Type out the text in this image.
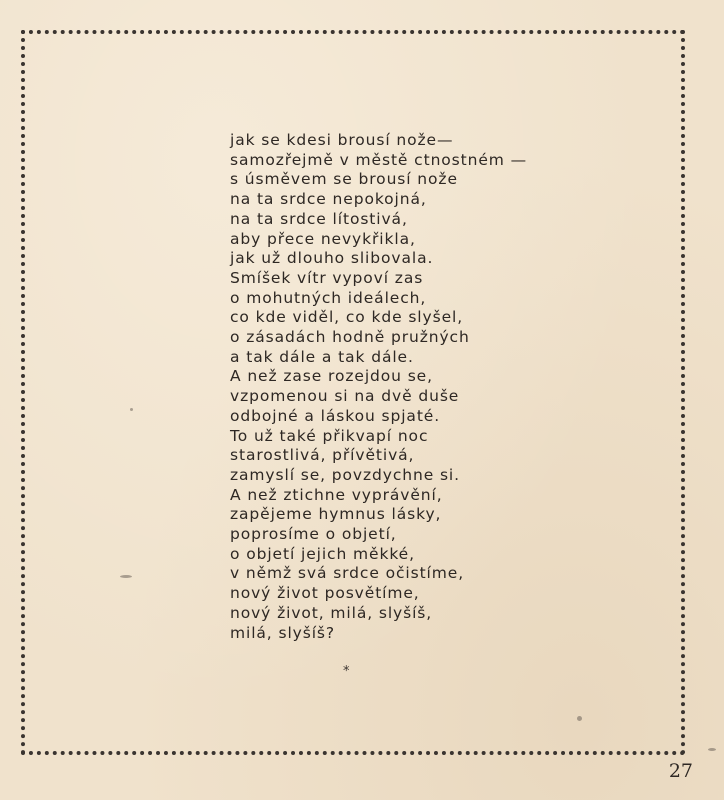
jak se kdesi brousí nože—
samozřejmě v městě ctnostném —
s úsměvem se brousí nože
na ta srdce nepokojná,
na ta srdce lítostivá,
aby přece nevykřikla,
jak už dlouho slibovala.
Smíšek vítr vypoví zas
o mohutných ideálech,
co kde viděl, co kde slyšel,
o zásadách hodně pružných
a tak dále a tak dále.
A než zase rozejdou se,
vzpomenou si na dvě duše
odbojné a láskou spjaté.
To už také přikvapí noc
starostlivá, přívětivá,
zamyslí se, povzdychne si.
A než ztichne vyprávění,
zapějeme hymnus lásky,
poprosíme o objetí,
o objetí jejich měkké,
v němž svá srdce očistíme,
nový život posvětíme,
nový život, milá, slyšíš,
milá, slyšíš?
*
27
